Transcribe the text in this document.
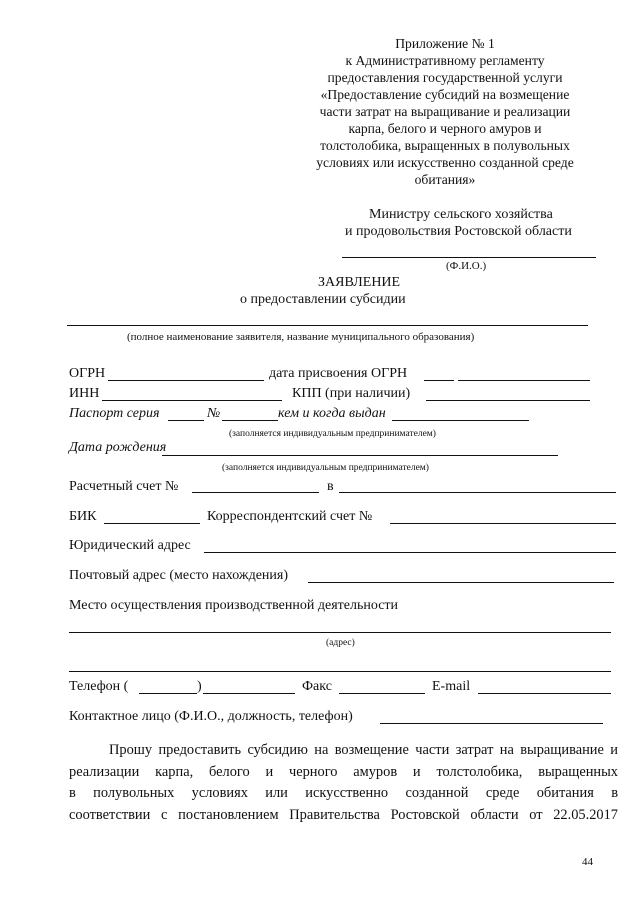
Приложение № 1
к Административному регламенту
предоставления государственной услуги
«Предоставление субсидий на возмещение
части затрат на выращивание и реализации
карпа, белого и черного амуров и
толстолобика, выращенных в полувольных
условиях или искусственно созданной среде
обитания»
Министру сельского хозяйства
и продовольствия Ростовской области
(Ф.И.О.)
ЗАЯВЛЕНИЕ
о предоставлении субсидии
(полное наименование заявителя, название муниципального образования)
ОГРН	дата присвоения ОГРН
ИНН	КПП (при наличии)
Паспорт серия	№	кем и когда выдан
(заполняется индивидуальным предпринимателем)
Дата рождения
(заполняется индивидуальным предпринимателем)
Расчетный счет №	в
БИК	Корреспондентский счет №
Юридический адрес
Почтовый адрес (место нахождения)
Место осуществления производственной деятельности
(адрес)
Телефон (	)	Факс	E-mail
Контактное лицо (Ф.И.О., должность, телефон)
Прошу предоставить субсидию на возмещение части затрат на выращивание и
реализации карпа, белого и черного амуров и толстолобика, выращенных
в полувольных условиях или искусственно созданной среде обитания в
соответствии с постановлением Правительства Ростовской области от 22.05.2017
44
